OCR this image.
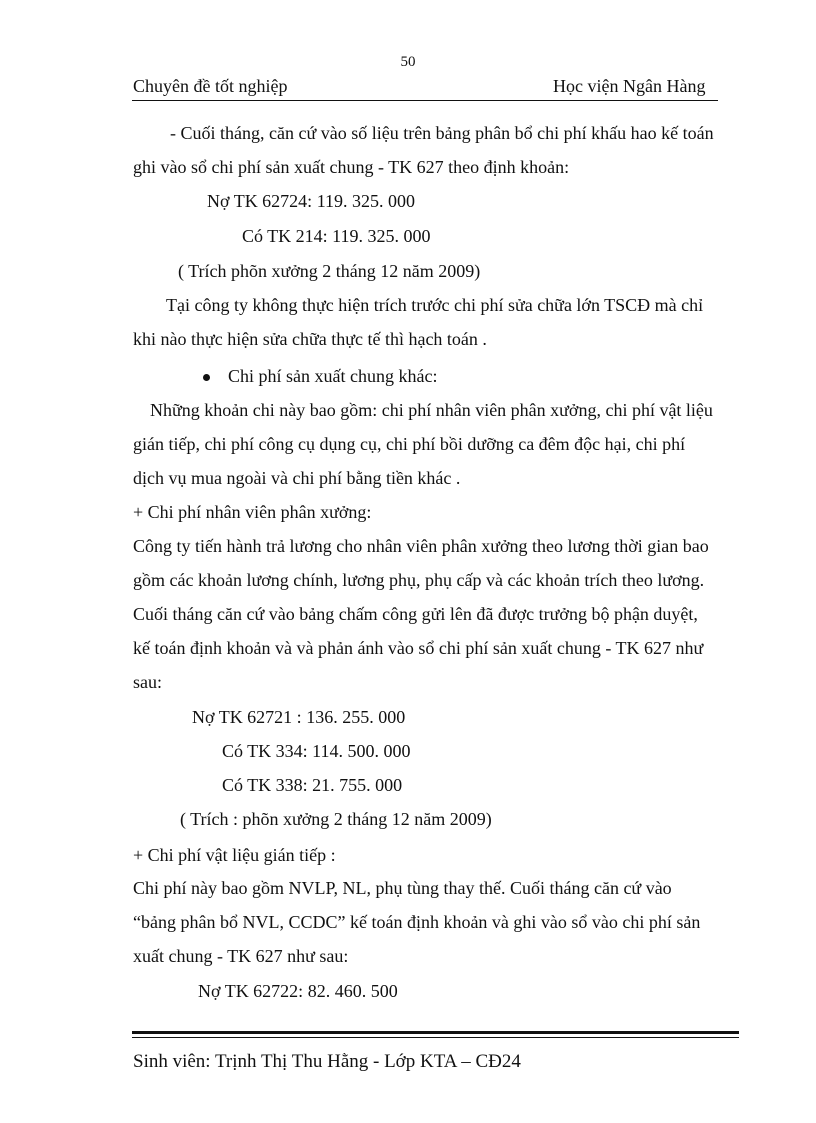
50
Chuyên đề tốt nghiệp	Học viện Ngân Hàng
- Cuối tháng, căn cứ vào số liệu trên bảng phân bổ chi phí khấu hao kế toán
ghi vào sổ chi phí sản xuất chung - TK 627 theo định khoản:
Nợ TK 62724: 119. 325. 000
Có TK 214: 119. 325. 000
( Trích phõn xưởng 2 tháng 12 năm 2009)
Tại công ty không thực hiện trích trước chi phí sửa chữa lớn TSCĐ mà chỉ
khi nào thực hiện sửa chữa thực tế thì hạch toán .
Chi phí sản xuất chung khác:
Những khoản chi này bao gồm: chi phí nhân viên phân xưởng, chi phí vật liệu
gián tiếp, chi phí công cụ dụng cụ, chi phí bồi dưỡng ca đêm độc hại, chi phí
dịch vụ mua ngoài và chi phí bằng tiền khác .
+ Chi phí nhân viên phân xưởng:
Công ty tiến hành trả lương cho nhân viên phân xưởng theo lương thời gian bao
gồm các khoản lương chính, lương phụ, phụ cấp và các khoản trích theo lương.
Cuối tháng căn cứ vào bảng chấm công gửi lên đã được trưởng bộ phận duyệt,
kế toán định khoản và và phản ánh vào sổ chi phí sản xuất chung - TK 627 như
sau:
Nợ TK 62721 : 136. 255. 000
Có TK 334: 114. 500. 000
Có TK 338: 21. 755. 000
( Trích : phõn xưởng 2 tháng 12 năm 2009)
+ Chi phí vật liệu gián tiếp :
Chi phí này bao gồm NVLP, NL, phụ tùng thay thế. Cuối tháng căn cứ vào
“bảng phân bổ NVL, CCDC” kế toán định khoản và ghi vào sổ vào chi phí sản
xuất chung - TK 627 như sau:
Nợ TK 62722: 82. 460. 500
Sinh viên: Trịnh Thị Thu Hằng - Lớp KTA – CĐ24
